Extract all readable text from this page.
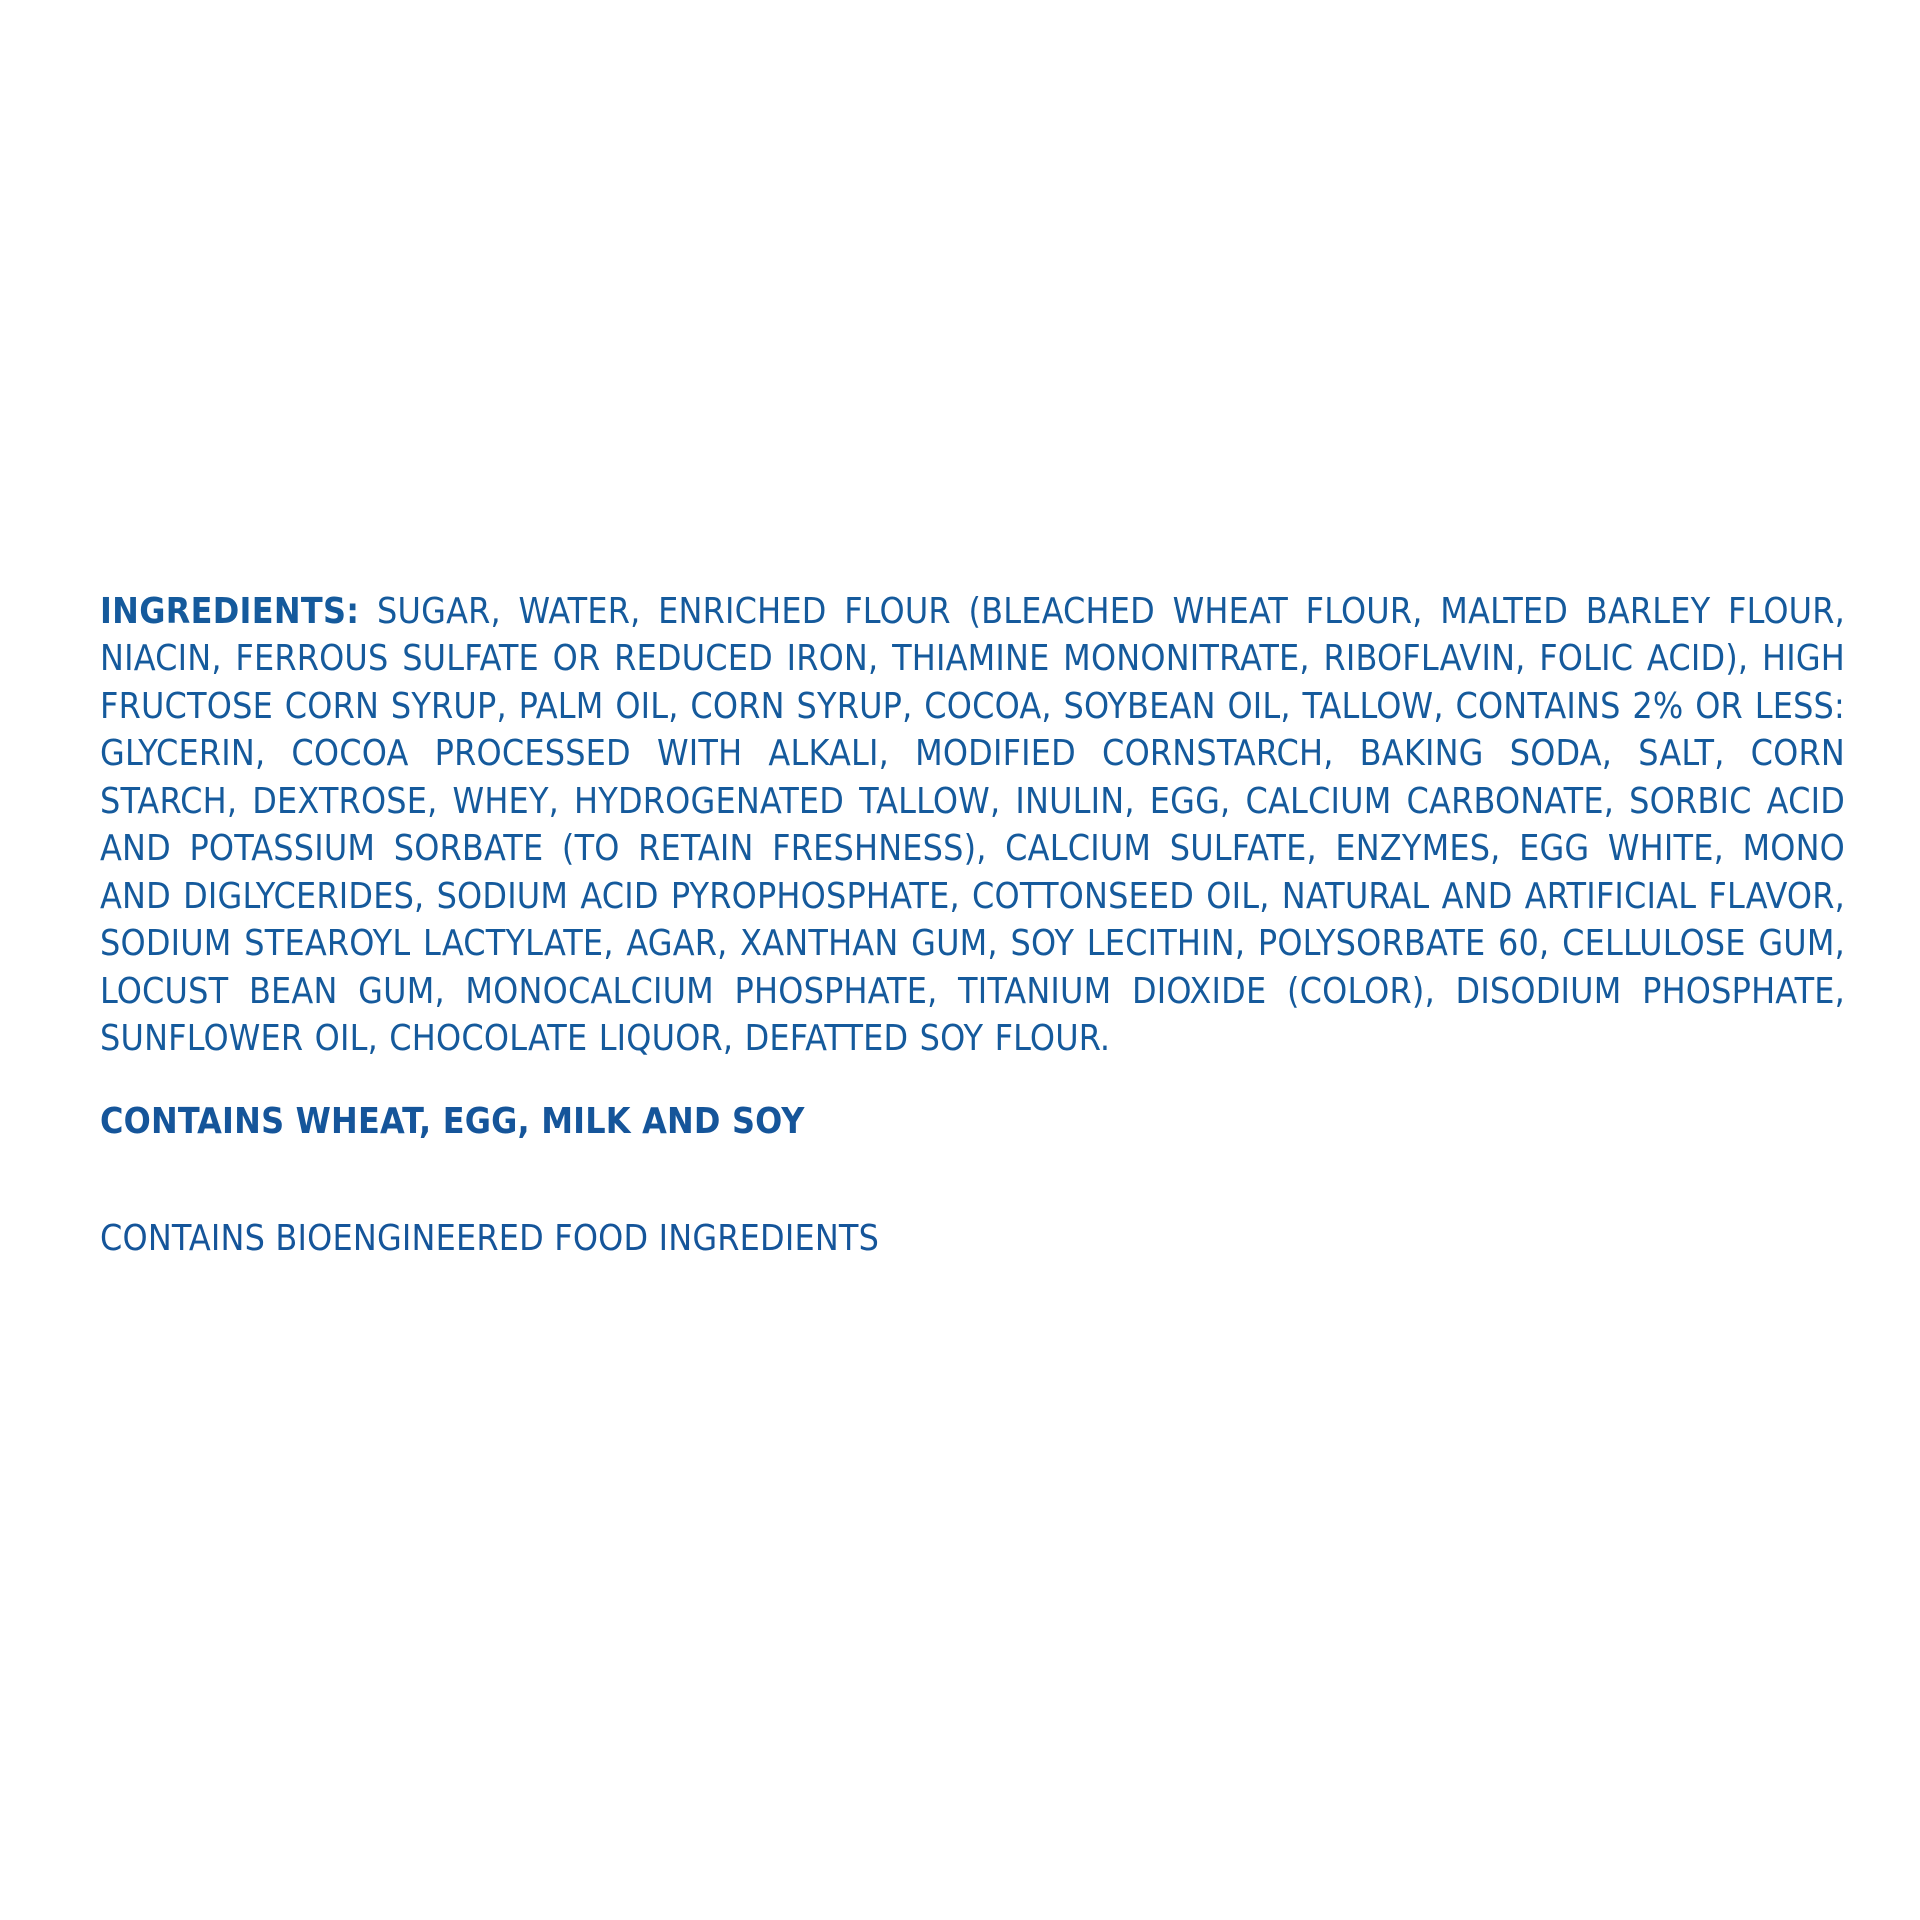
INGREDIENTS: SUGAR, WATER, ENRICHED FLOUR (BLEACHED WHEAT FLOUR, MALTED BARLEY FLOUR, NIACIN, FERROUS SULFATE OR REDUCED IRON, THIAMINE MONONITRATE, RIBOFLAVIN, FOLIC ACID), HIGH FRUCTOSE CORN SYRUP, PALM OIL, CORN SYRUP, COCOA, SOYBEAN OIL, TALLOW, CONTAINS 2% OR LESS: GLYCERIN, COCOA PROCESSED WITH ALKALI, MODIFIED CORNSTARCH, BAKING SODA, SALT, CORN STARCH, DEXTROSE, WHEY, HYDROGENATED TALLOW, INULIN, EGG, CALCIUM CARBONATE, SORBIC ACID AND POTASSIUM SORBATE (TO RETAIN FRESHNESS), CALCIUM SULFATE, ENZYMES, EGG WHITE, MONO AND DIGLYCERIDES, SODIUM ACID PYROPHOSPHATE, COTTONSEED OIL, NATURAL AND ARTIFICIAL FLAVOR, SODIUM STEAROYL LACTYLATE, AGAR, XANTHAN GUM, SOY LECITHIN, POLYSORBATE 60, CELLULOSE GUM, LOCUST BEAN GUM, MONOCALCIUM PHOSPHATE, TITANIUM DIOXIDE (COLOR), DISODIUM PHOSPHATE, SUNFLOWER OIL, CHOCOLATE LIQUOR, DEFATTED SOY FLOUR.

CONTAINS WHEAT, EGG, MILK AND SOY

CONTAINS BIOENGINEERED FOOD INGREDIENTS
